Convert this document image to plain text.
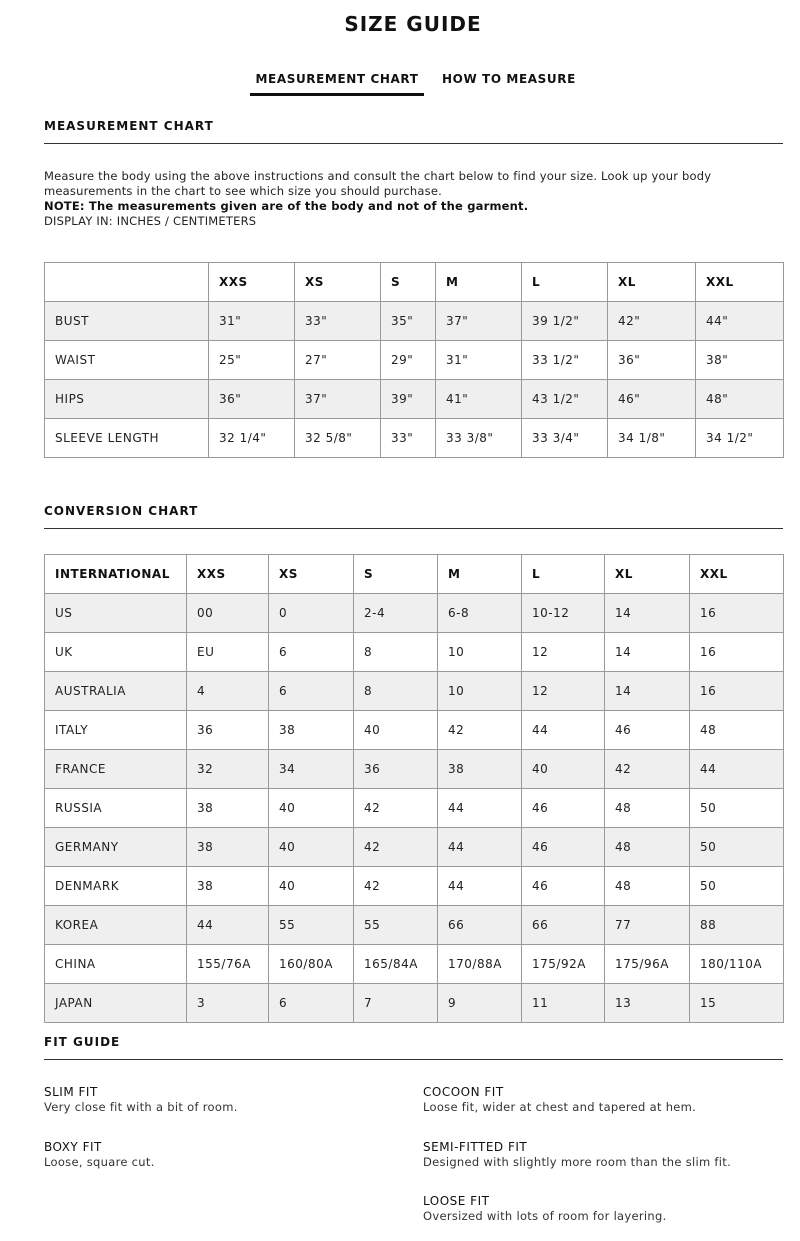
SIZE GUIDE
MEASUREMENT CHART	HOW TO MEASURE
MEASUREMENT CHART
Measure the body using the above instructions and consult the chart below to find your size. Look up your body measurements in the chart to see which size you should purchase.
NOTE: The measurements given are of the body and not of the garment.
DISPLAY IN: INCHES / CENTIMETERS
	XXS	XS	S	M	L	XL	XXL
BUST	31"	33"	35"	37"	39 1/2"	42"	44"
WAIST	25"	27"	29"	31"	33 1/2"	36"	38"
HIPS	36"	37"	39"	41"	43 1/2"	46"	48"
SLEEVE LENGTH	32 1/4"	32 5/8"	33"	33 3/8"	33 3/4"	34 1/8"	34 1/2"
CONVERSION CHART
INTERNATIONAL	XXS	XS	S	M	L	XL	XXL
US	00	0	2-4	6-8	10-12	14	16
UK	EU	6	8	10	12	14	16
AUSTRALIA	4	6	8	10	12	14	16
ITALY	36	38	40	42	44	46	48
FRANCE	32	34	36	38	40	42	44
RUSSIA	38	40	42	44	46	48	50
GERMANY	38	40	42	44	46	48	50
DENMARK	38	40	42	44	46	48	50
KOREA	44	55	55	66	66	77	88
CHINA	155/76A	160/80A	165/84A	170/88A	175/92A	175/96A	180/110A
JAPAN	3	6	7	9	11	13	15
FIT GUIDE
SLIM FIT
Very close fit with a bit of room.
BOXY FIT
Loose, square cut.
COCOON FIT
Loose fit, wider at chest and tapered at hem.
SEMI-FITTED FIT
Designed with slightly more room than the slim fit.
LOOSE FIT
Oversized with lots of room for layering.
